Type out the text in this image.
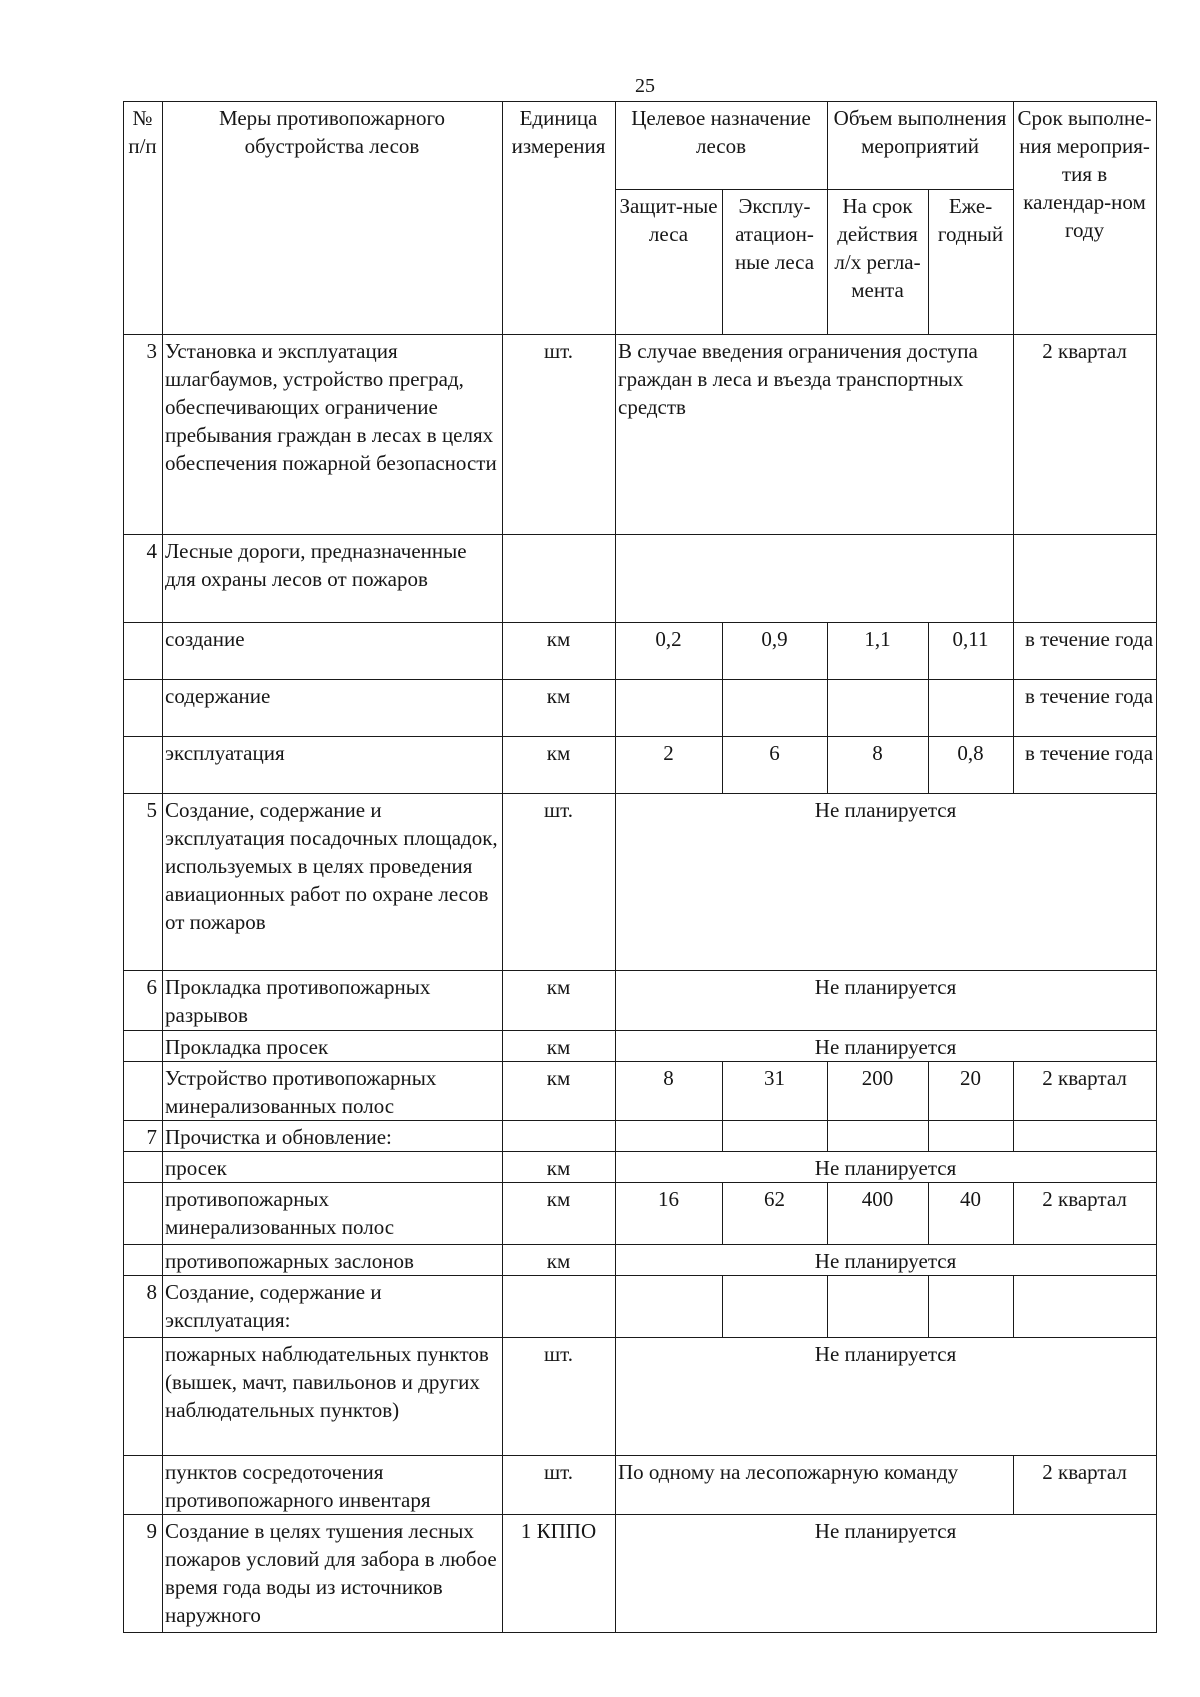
25
№ п/п	Меры противопожарного обустройства лесов	Единица измерения	Целевое назначение лесов		Объем выполнения мероприятий		Срок выполне-ния мероприя-тия в календар-ном году
			Защит-ные леса	Эксплу-атацион-ные леса	На срок действия л/х регла-мента	Еже-годный	
3	Установка и эксплуатация шлагбаумов, устройство преград, обеспечивающих ограничение пребывания граждан в лесах в целях обеспечения пожарной безопасности	шт.	В случае введения ограничения доступа граждан в леса и въезда транспортных средств				2 квартал
4	Лесные дороги, предназначенные для охраны лесов от пожаров						
	создание	км	0,2	0,9	1,1	0,11	в течение года
	содержание	км					в течение года
	эксплуатация	км	2	6	8	0,8	в течение года
5	Создание, содержание и эксплуатация посадочных площадок, используемых в целях проведения авиационных работ по охране лесов от пожаров	шт.	Не планируется				
6	Прокладка противопожарных разрывов	км	Не планируется				
	Прокладка просек	км	Не планируется				
	Устройство противопожарных минерализованных полос	км	8	31	200	20	2 квартал
7	Прочистка и обновление:						
	просек	км	Не планируется				
	противопожарных минерализованных полос	км	16	62	400	40	2 квартал
	противопожарных заслонов	км	Не планируется				
8	Создание, содержание и эксплуатация:						
	пожарных наблюдательных пунктов (вышек, мачт, павильонов и других наблюдательных пунктов)	шт.	Не планируется				
	пунктов сосредоточения противопожарного инвентаря	шт.	По одному на лесопожарную команду				2 квартал
9	Создание в целях тушения лесных пожаров условий для забора в любое время года воды из источников наружного	1 КППО	Не планируется				
